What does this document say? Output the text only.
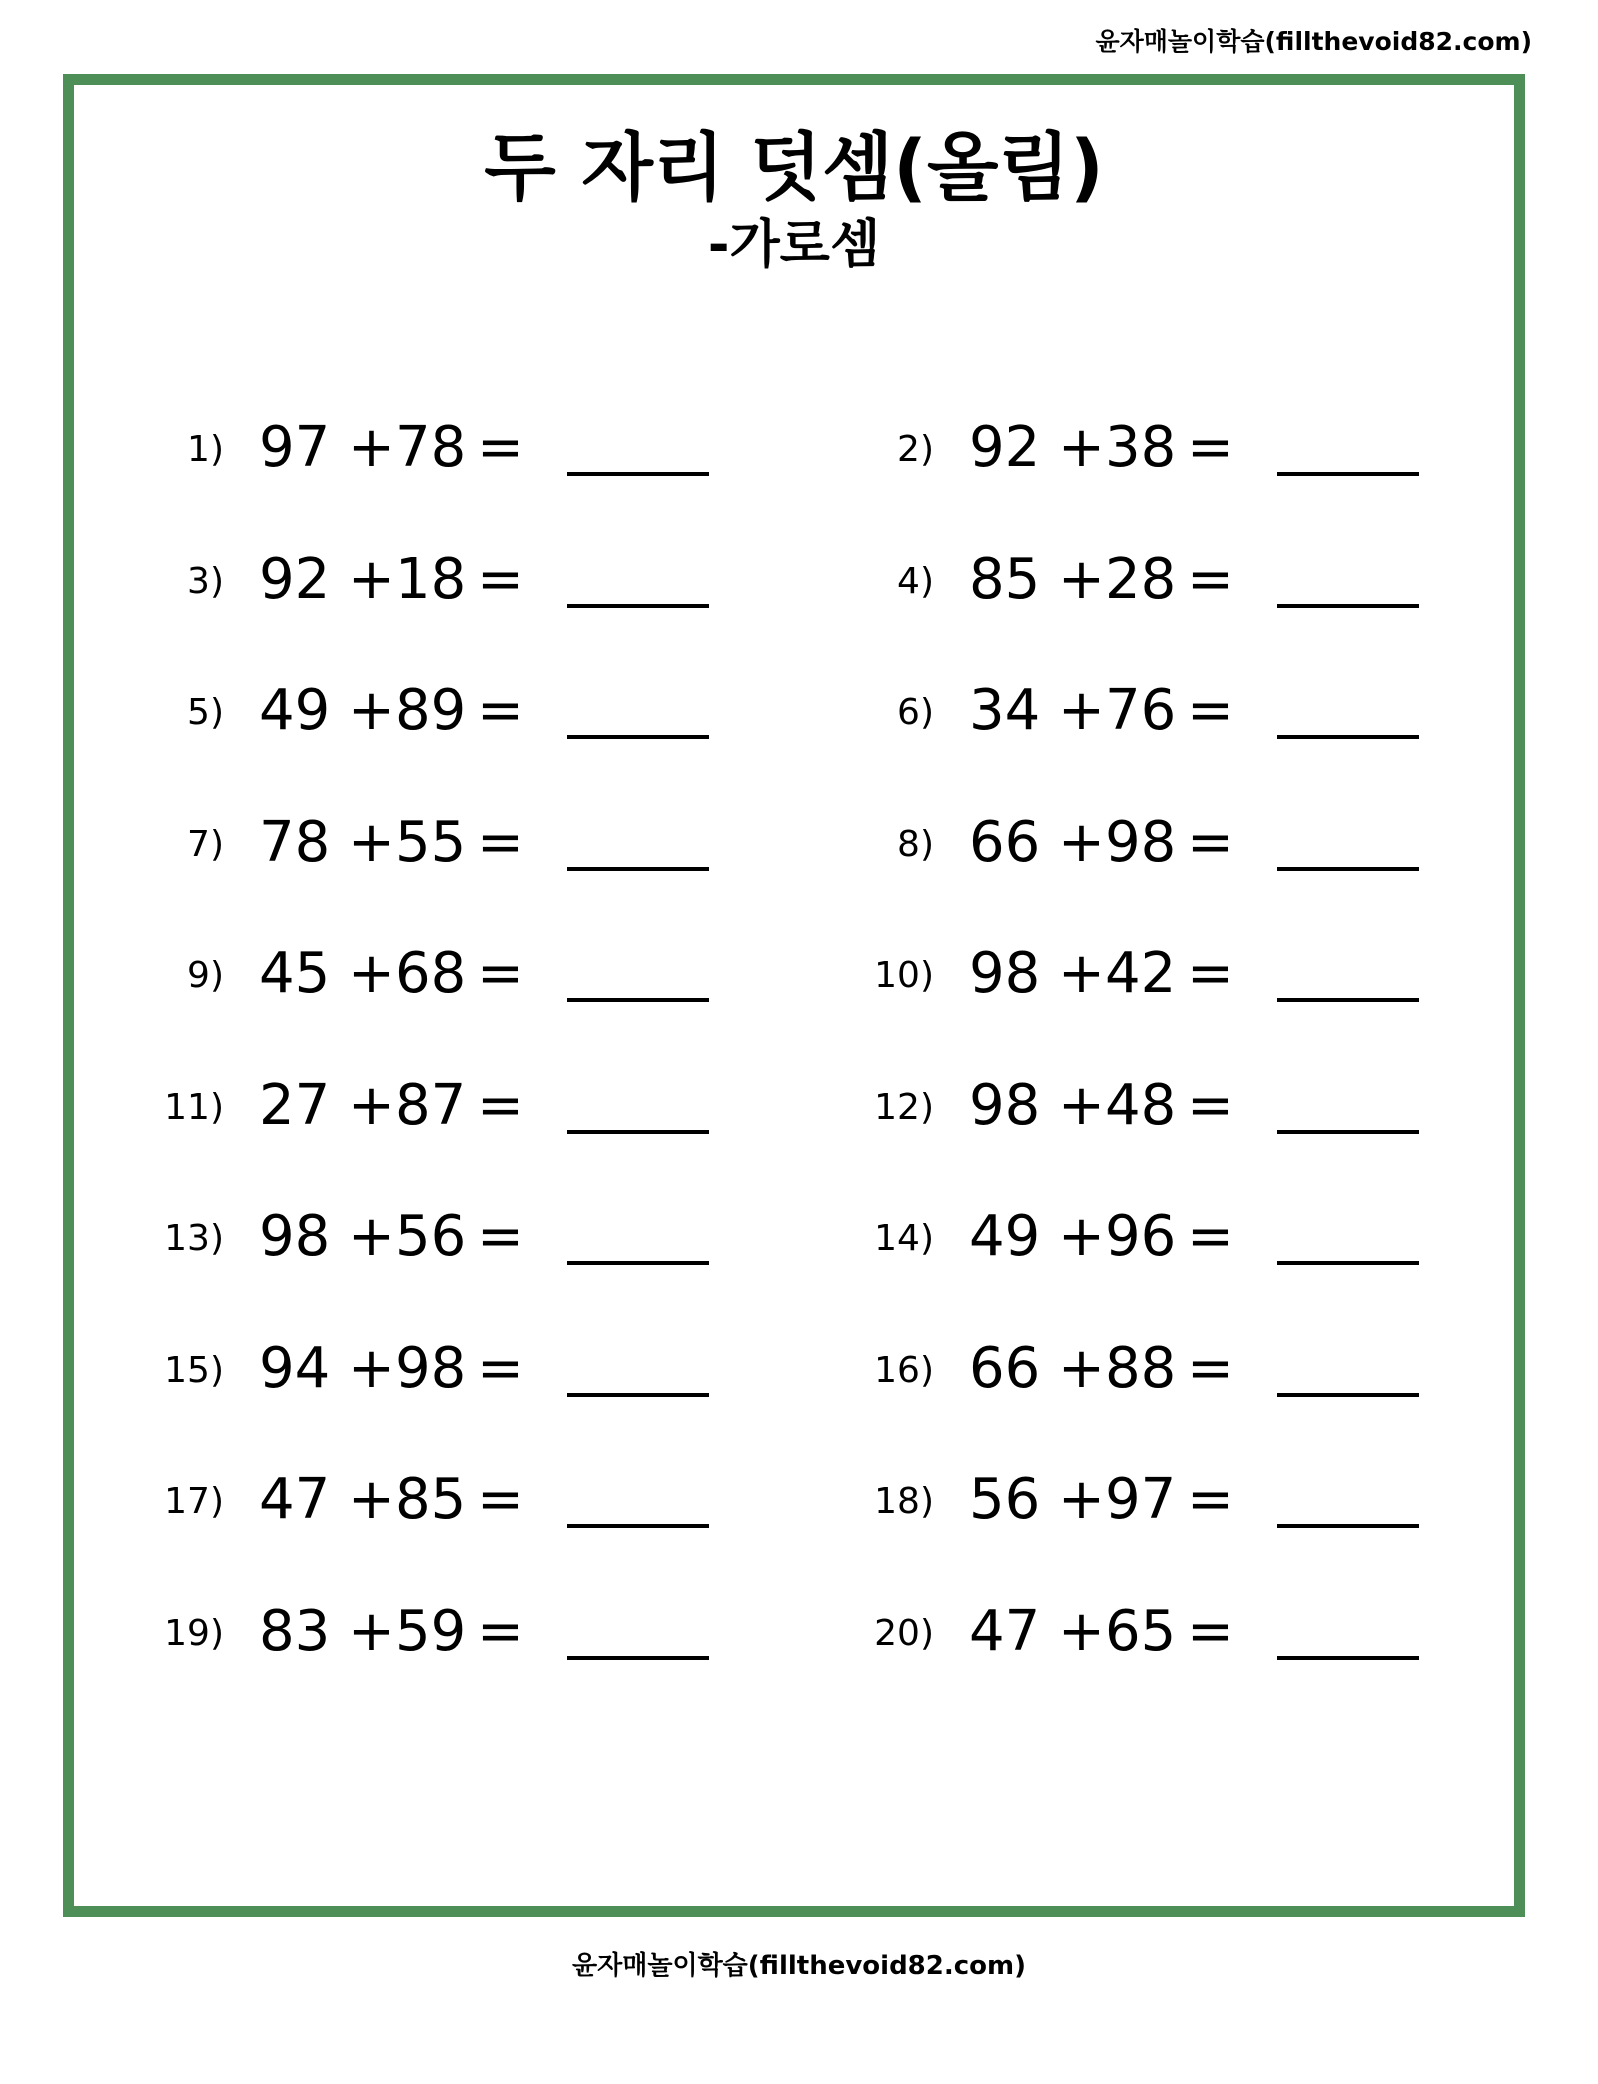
윤자매놀이학습(fillthevoid82.com)
두 자리 덧셈(올림)
-가로셈
1) 97 +78 =	2) 92 +38 =
3) 92 +18 =	4) 85 +28 =
5) 49 +89 =	6) 34 +76 =
7) 78 +55 =	8) 66 +98 =
9) 45 +68 =	10) 98 +42 =
11) 27 +87 =	12) 98 +48 =
13) 98 +56 =	14) 49 +96 =
15) 94 +98 =	16) 66 +88 =
17) 47 +85 =	18) 56 +97 =
19) 83 +59 =	20) 47 +65 =
윤자매놀이학습(fillthevoid82.com)
